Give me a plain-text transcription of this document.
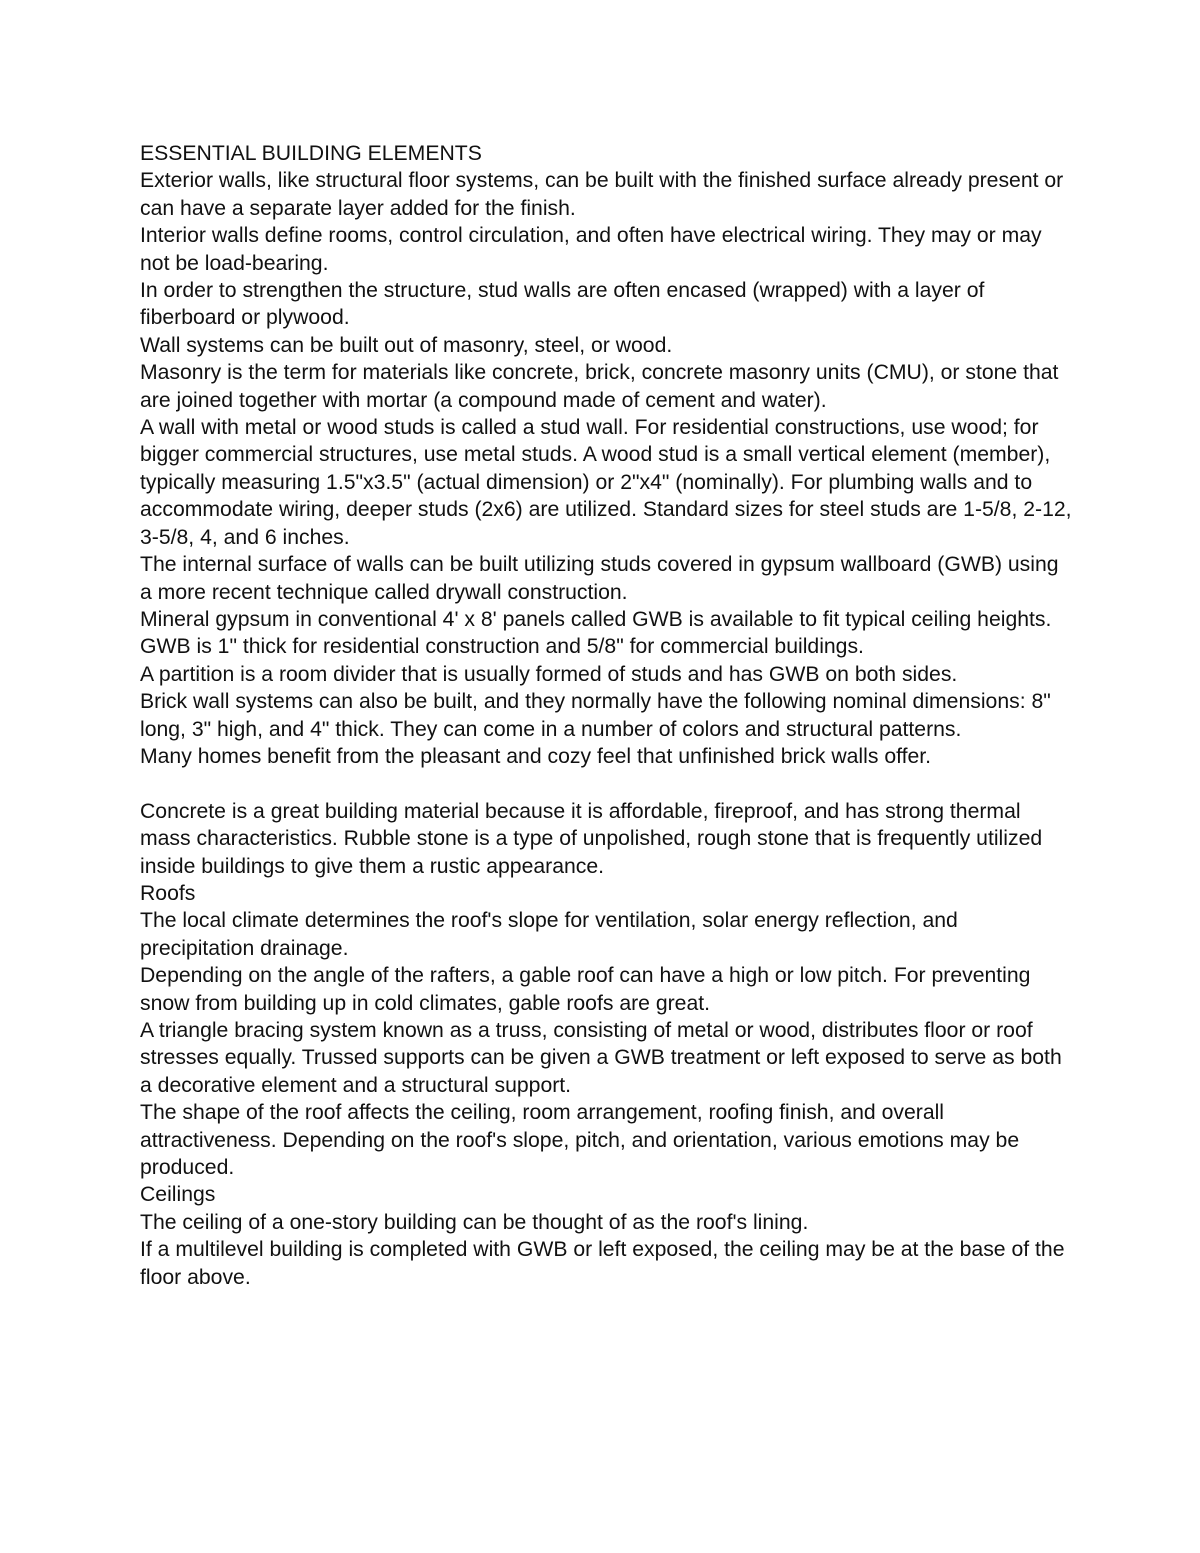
ESSENTIAL BUILDING ELEMENTS

Exterior walls, like structural floor systems, can be built with the finished surface already present or can have a separate layer added for the finish.

Interior walls define rooms, control circulation, and often have electrical wiring. They may or may not be load-bearing.

In order to strengthen the structure, stud walls are often encased (wrapped) with a layer of fiberboard or plywood.

Wall systems can be built out of masonry, steel, or wood.

Masonry is the term for materials like concrete, brick, concrete masonry units (CMU), or stone that are joined together with mortar (a compound made of cement and water).

A wall with metal or wood studs is called a stud wall. For residential constructions, use wood; for bigger commercial structures, use metal studs. A wood stud is a small vertical element (member), typically measuring 1.5"x3.5" (actual dimension) or 2"x4" (nominally). For plumbing walls and to accommodate wiring, deeper studs (2x6) are utilized. Standard sizes for steel studs are 1-5/8, 2-12, 3-5/8, 4, and 6 inches.

The internal surface of walls can be built utilizing studs covered in gypsum wallboard (GWB) using a more recent technique called drywall construction.

Mineral gypsum in conventional 4' x 8' panels called GWB is available to fit typical ceiling heights. GWB is 1" thick for residential construction and 5/8" for commercial buildings.

A partition is a room divider that is usually formed of studs and has GWB on both sides.

Brick wall systems can also be built, and they normally have the following nominal dimensions: 8" long, 3" high, and 4" thick. They can come in a number of colors and structural patterns.

Many homes benefit from the pleasant and cozy feel that unfinished brick walls offer.

Concrete is a great building material because it is affordable, fireproof, and has strong thermal mass characteristics. Rubble stone is a type of unpolished, rough stone that is frequently utilized inside buildings to give them a rustic appearance.

Roofs

The local climate determines the roof's slope for ventilation, solar energy reflection, and precipitation drainage.

Depending on the angle of the rafters, a gable roof can have a high or low pitch. For preventing snow from building up in cold climates, gable roofs are great.

A triangle bracing system known as a truss, consisting of metal or wood, distributes floor or roof stresses equally. Trussed supports can be given a GWB treatment or left exposed to serve as both a decorative element and a structural support.

The shape of the roof affects the ceiling, room arrangement, roofing finish, and overall attractiveness. Depending on the roof's slope, pitch, and orientation, various emotions may be produced.

Ceilings

The ceiling of a one-story building can be thought of as the roof's lining.

If a multilevel building is completed with GWB or left exposed, the ceiling may be at the base of the floor above.
